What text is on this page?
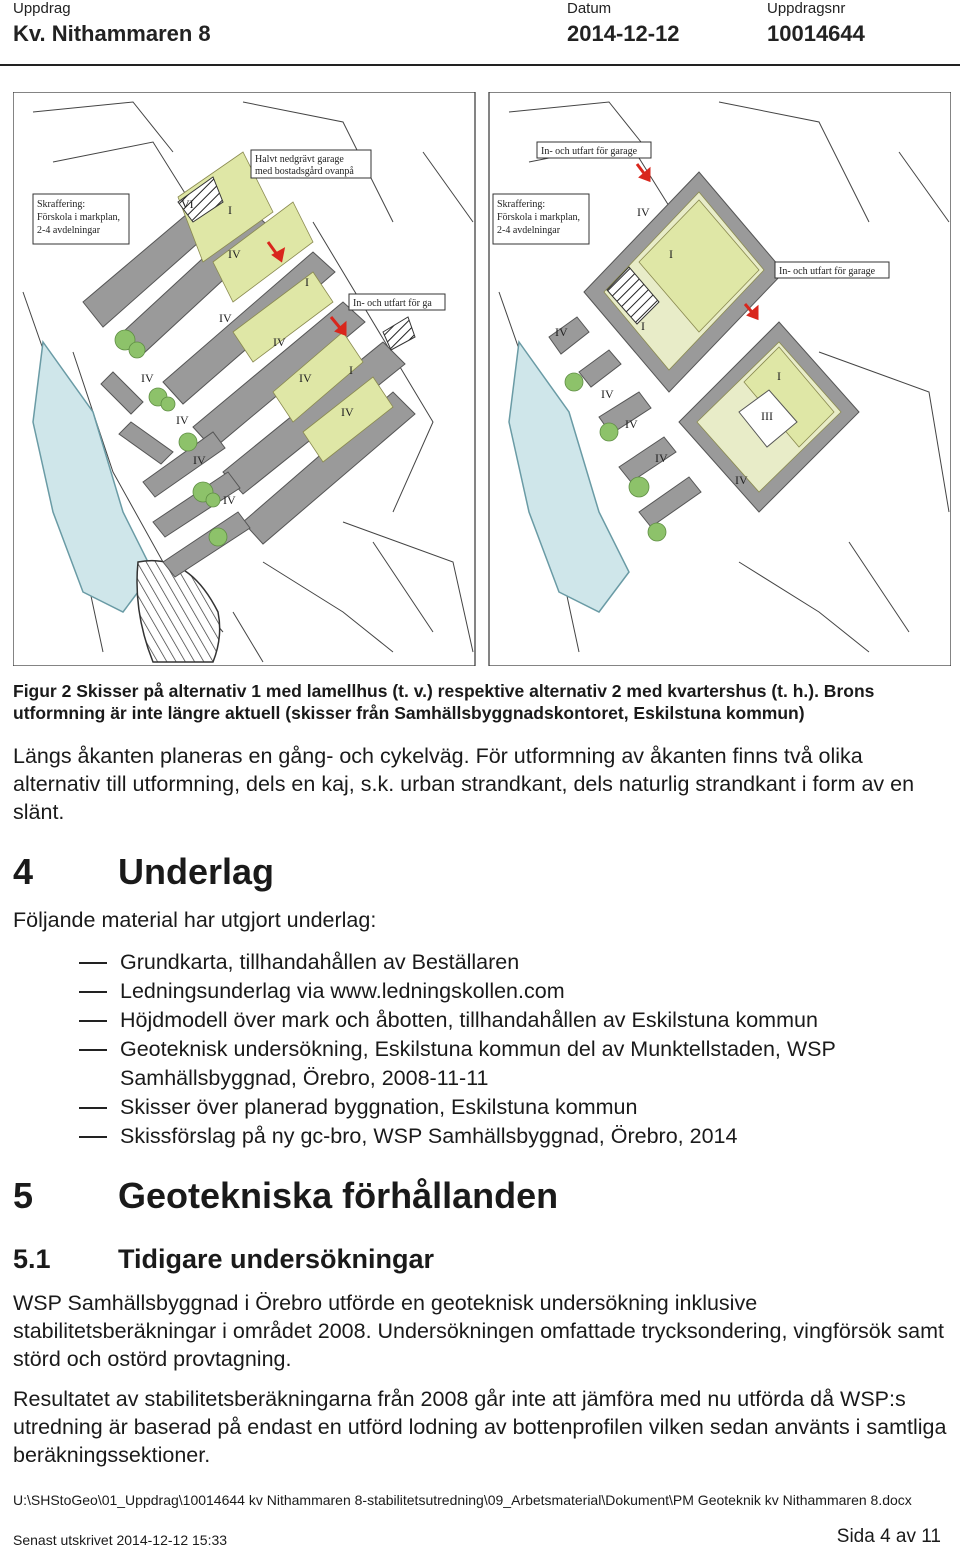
Uppdrag
Kv. Nithammaren 8
Datum
2014-12-12
Uppdragsnr
10014644
Skraffering:
Förskola i markplan,
2-4 avdelningar
Halvt nedgrävt garage
med bostadsgård ovanpå
In- och utfart för ga
VI	I
IV
IV
I
IV
IV	IV
I
IV
IV
IV
IV
Skraffering:
Förskola i markplan,
2-4 avdelningar
In- och utfart för garage
In- och utfart för garage
IV
I
I
IV
IV
IV
I
III
IV
IV

Figur 2 Skisser på alternativ 1 med lamellhus (t. v.) respektive alternativ 2 med kvartershus (t. h.). Brons utformning är inte längre aktuell (skisser från Samhällsbyggnadskontoret, Eskilstuna kommun)

Längs åkanten planeras en gång- och cykelväg. För utformning av åkanten finns två olika alternativ till utformning, dels en kaj, s.k. urban strandkant, dels naturlig strandkant i form av en slänt.

4 Underlag

Följande material har utgjort underlag:

Grundkarta, tillhandahållen av Beställaren
Ledningsunderlag via www.ledningskollen.com
Höjdmodell över mark och åbotten, tillhandahållen av Eskilstuna kommun
Geoteknisk undersökning, Eskilstuna kommun del av Munktellstaden, WSP Samhällsbyggnad, Örebro, 2008-11-11
Skisser över planerad byggnation, Eskilstuna kommun
Skissförslag på ny gc-bro, WSP Samhällsbyggnad, Örebro, 2014
5 Geotekniska förhållanden
5.1 Tidigare undersökningar

WSP Samhällsbyggnad i Örebro utförde en geoteknisk undersökning inklusive stabilitetsberäkningar i området 2008. Undersökningen omfattade trycksondering, vingförsök samt störd och ostörd provtagning.

Resultatet av stabilitetsberäkningarna från 2008 går inte att jämföra med nu utförda då WSP:s utredning är baserad på endast en utförd lodning av bottenprofilen vilken sedan använts i samtliga beräkningssektioner.

U:\SHStoGeo\01_Uppdrag\10014644 kv Nithammaren 8-stabilitetsutredning\09_Arbetsmaterial\Dokument\PM Geoteknik kv Nithammaren 8.docx
Senast utskrivet 2014-12-12 15:33	Sida 4 av 11
